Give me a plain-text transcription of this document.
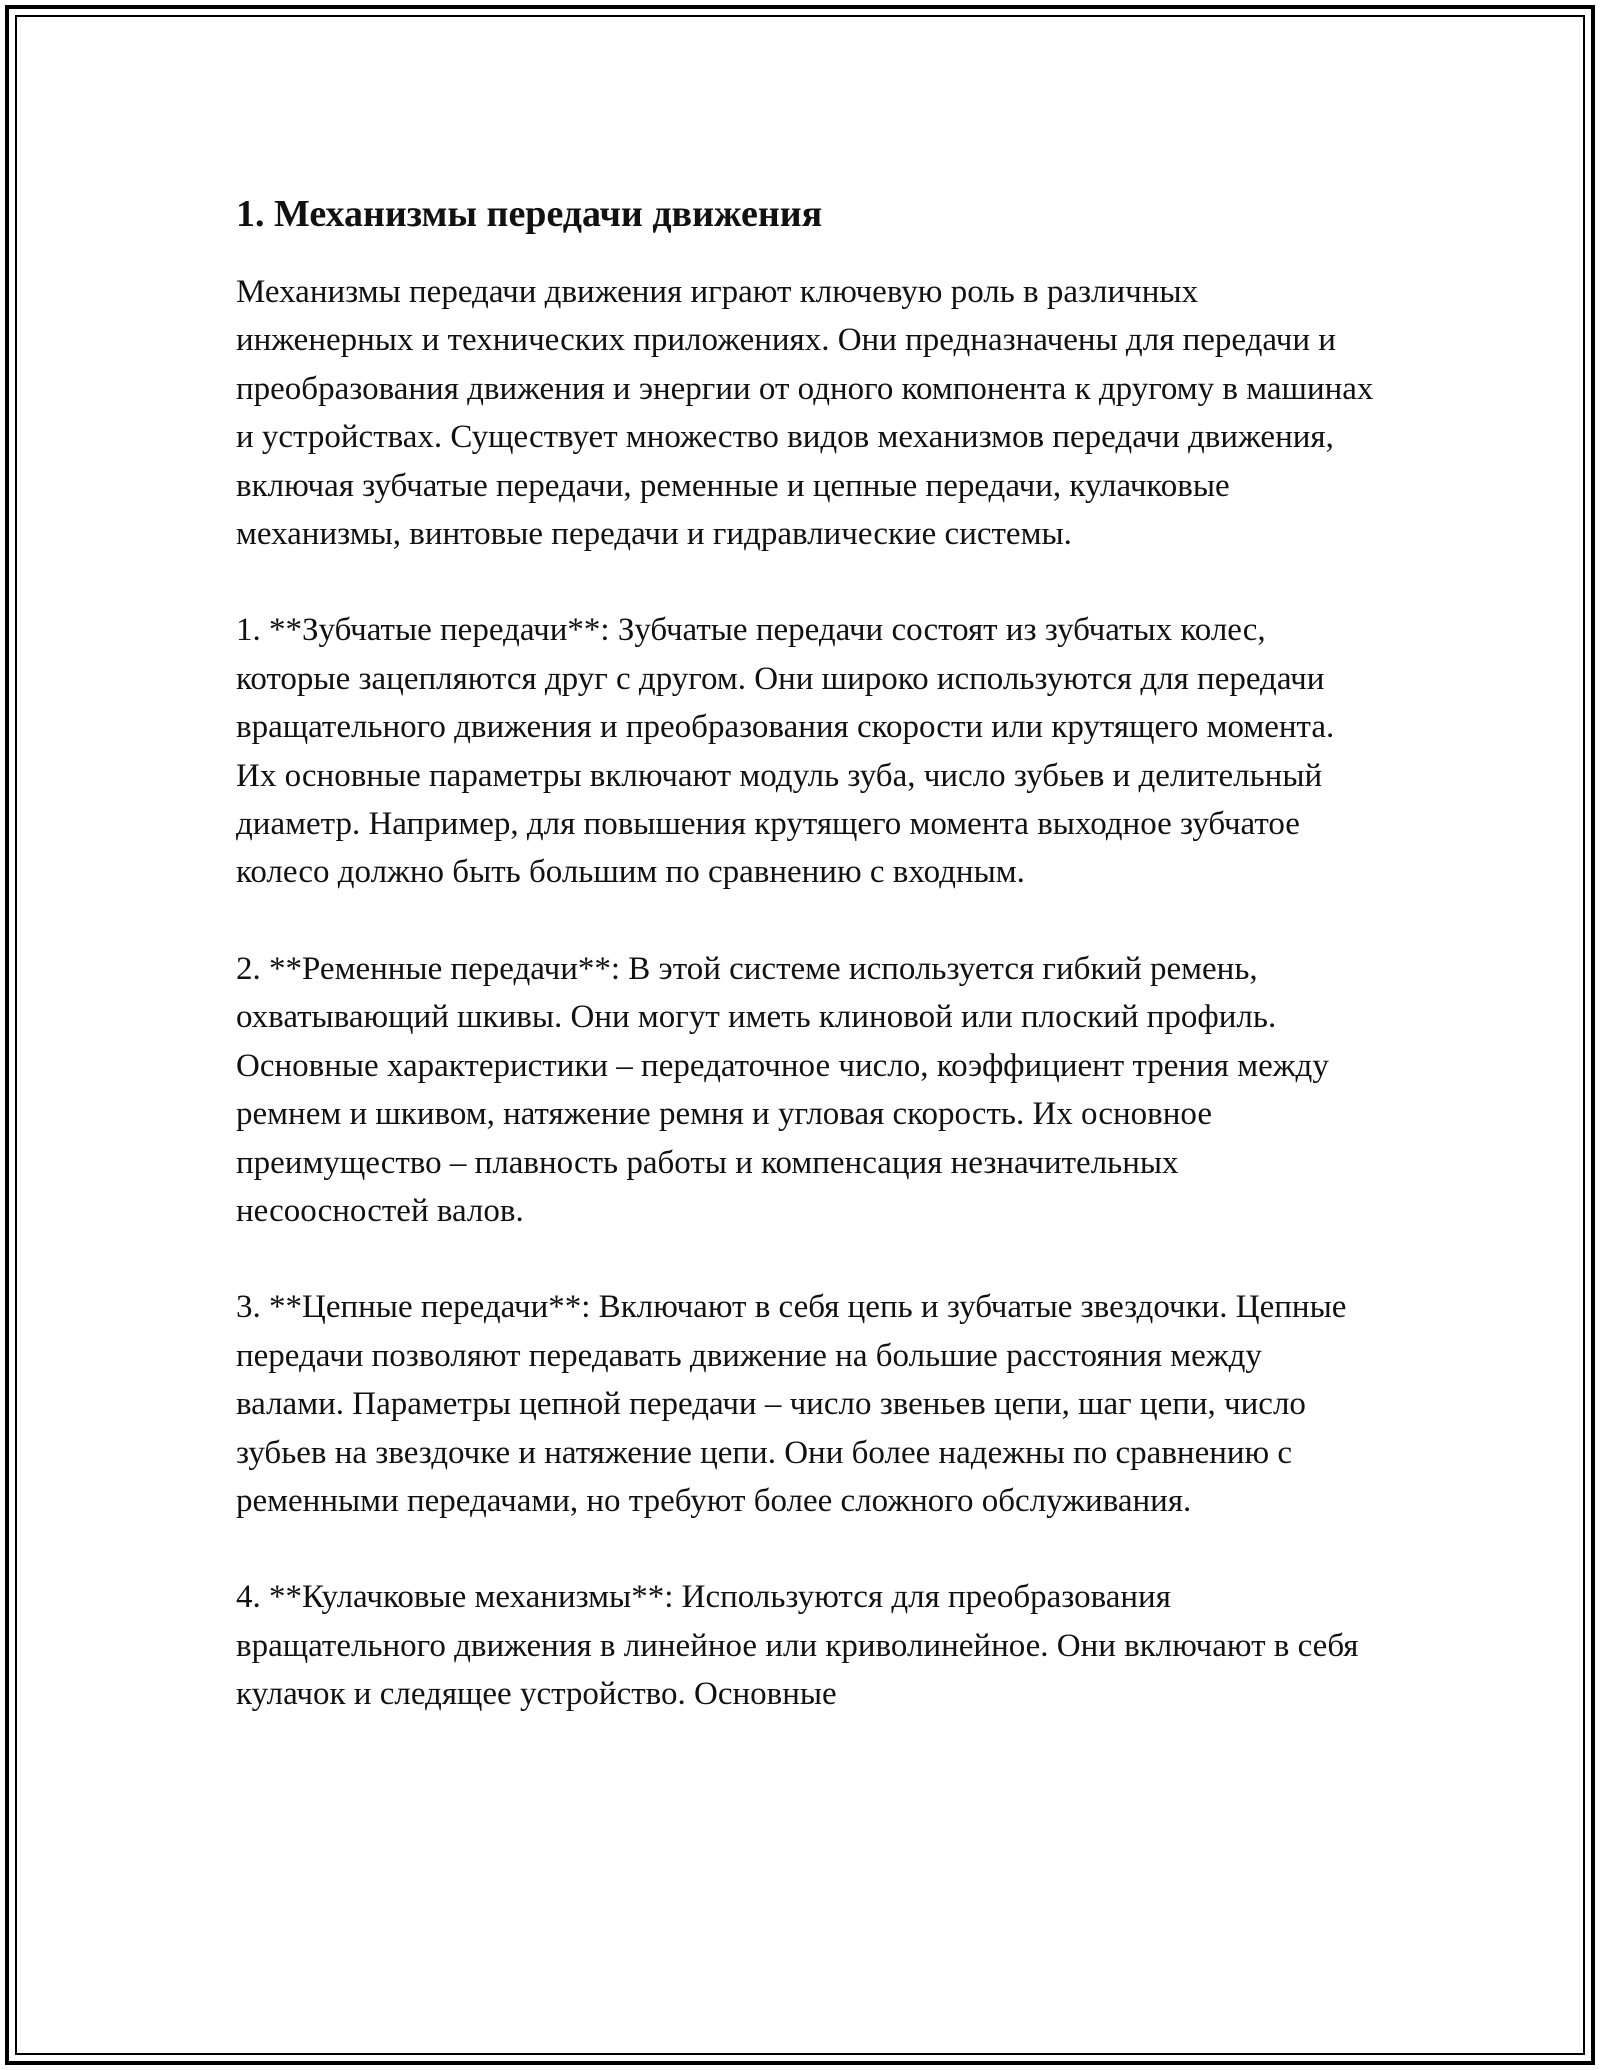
1. Механизмы передачи движения

Механизмы передачи движения играют ключевую роль в различных инженерных и технических приложениях. Они предназначены для передачи и преобразования движения и энергии от одного компонента к другому в машинах и устройствах. Существует множество видов механизмов передачи движения, включая зубчатые передачи, ременные и цепные передачи, кулачковые механизмы, винтовые передачи и гидравлические системы.

1. **Зубчатые передачи**: Зубчатые передачи состоят из зубчатых колес, которые зацепляются друг с другом. Они широко используются для передачи вращательного движения и преобразования скорости или крутящего момента. Их основные параметры включают модуль зуба, число зубьев и делительный диаметр. Например, для повышения крутящего момента выходное зубчатое колесо должно быть большим по сравнению с входным.

2. **Ременные передачи**: В этой системе используется гибкий ремень, охватывающий шкивы. Они могут иметь клиновой или плоский профиль. Основные характеристики – передаточное число, коэффициент трения между ремнем и шкивом, натяжение ремня и угловая скорость. Их основное преимущество – плавность работы и компенсация незначительных несоосностей валов.

3. **Цепные передачи**: Включают в себя цепь и зубчатые звездочки. Цепные передачи позволяют передавать движение на большие расстояния между валами. Параметры цепной передачи – число звеньев цепи, шаг цепи, число зубьев на звездочке и натяжение цепи. Они более надежны по сравнению с ременными передачами, но требуют более сложного обслуживания.

4. **Кулачковые механизмы**: Используются для преобразования вращательного движения в линейное или криволинейное. Они включают в себя кулачок и следящее устройство. Основные
